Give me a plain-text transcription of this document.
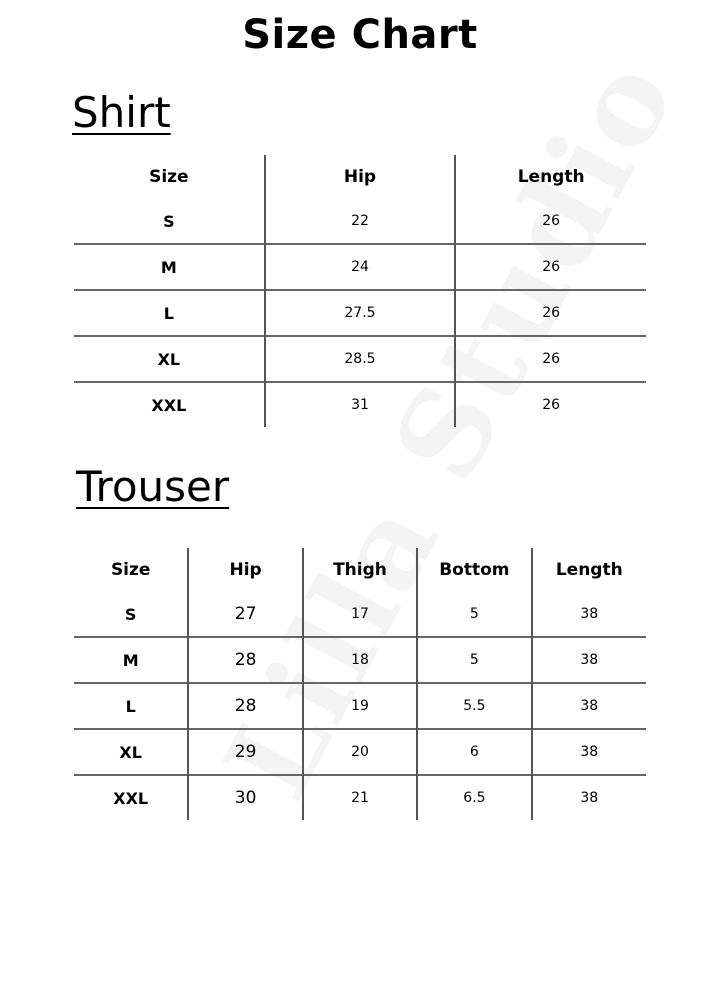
Size Chart
Shirt
Size	Hip	Length
S	22	26
M	24	26
L	27.5	26
XL	28.5	26
XXL	31	26
Trouser
Size	Hip	Thigh	Bottom	Length
S	27	17	5	38
M	28	18	5	38
L	28	19	5.5	38
XL	29	20	6	38
XXL	30	21	6.5	38
